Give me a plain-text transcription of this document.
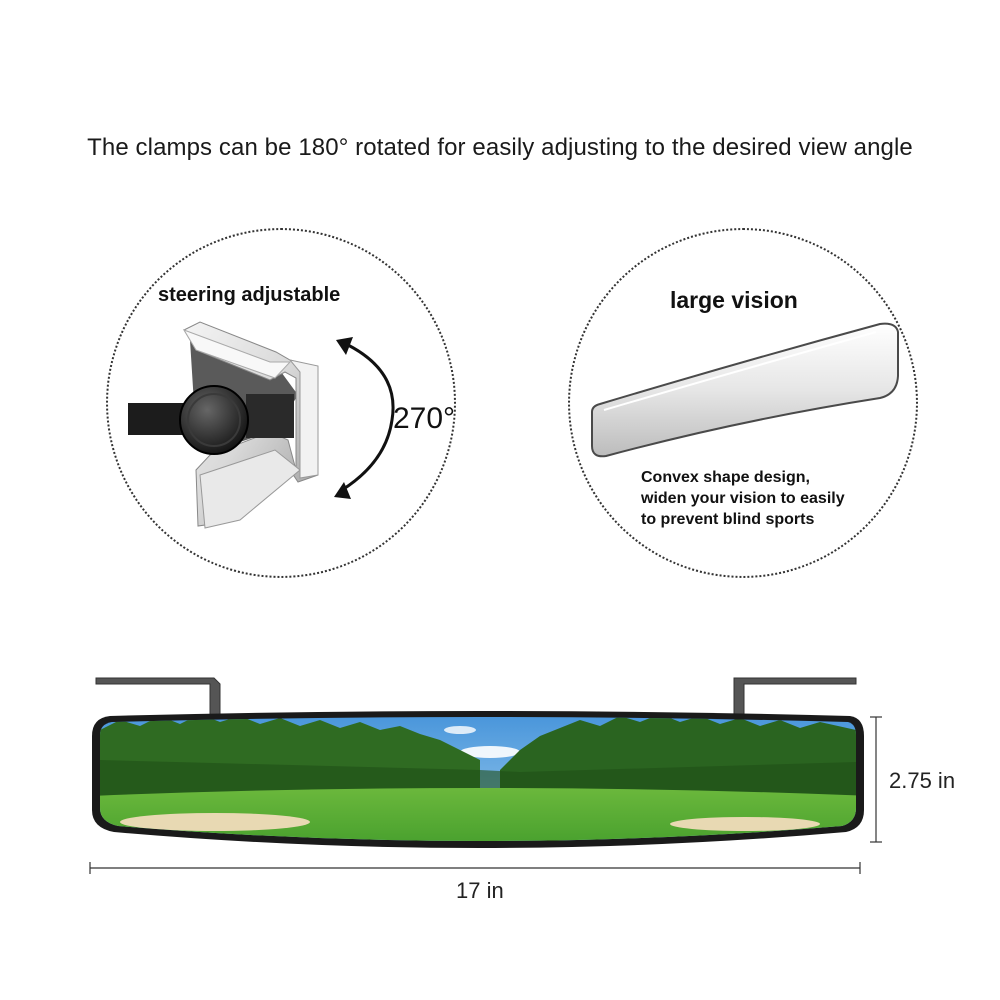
The clamps can be 180° rotated for easily adjusting to the desired view angle
steering adjustable	large vision
Convex shape design,
widen your vision to easily
to prevent blind sports
270°
17 in
2.75 in
